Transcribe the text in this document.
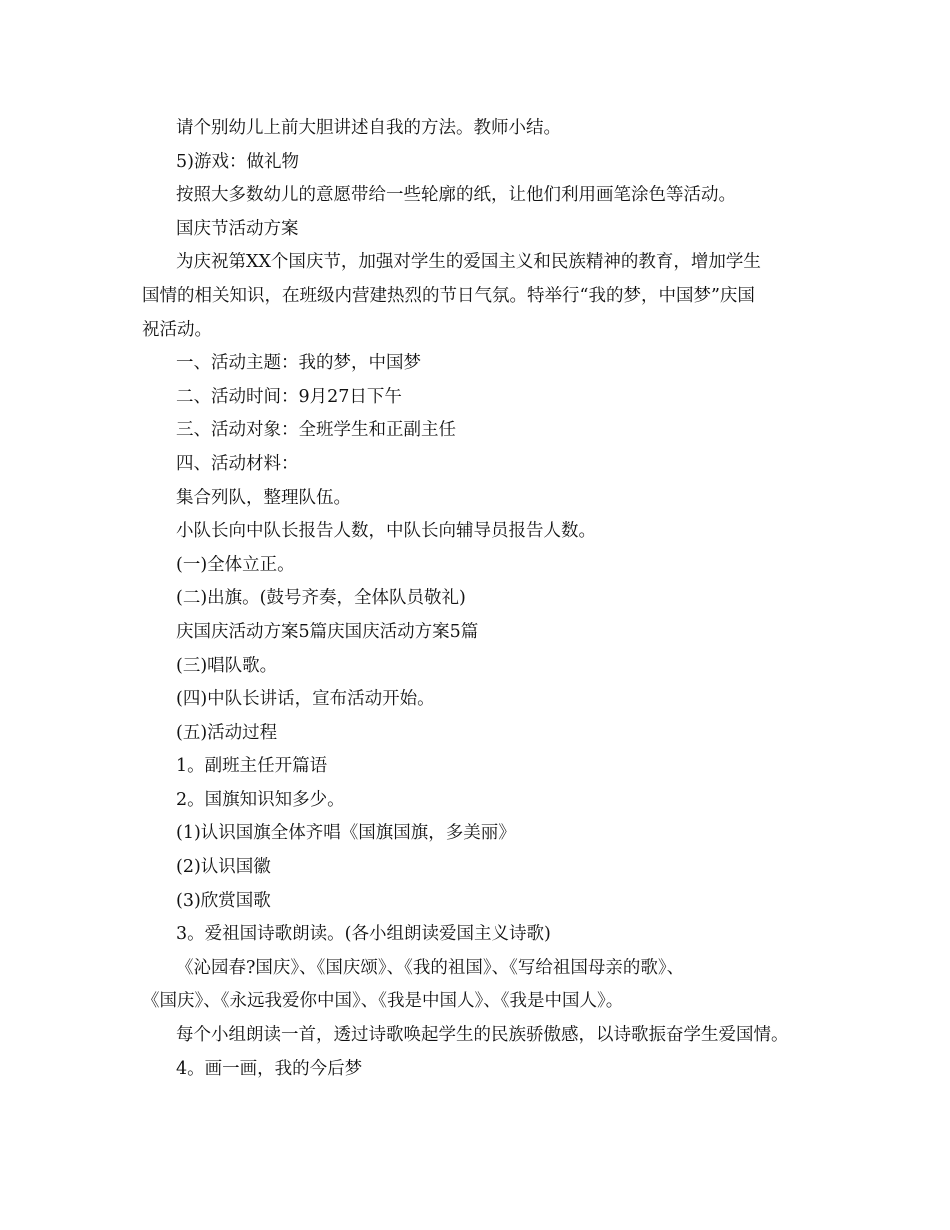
请个别幼儿上前大胆讲述自我的方法。教师小结。
5)游戏：做礼物
按照大多数幼儿的意愿带给一些轮廓的纸，让他们利用画笔涂色等活动。
国庆节活动方案
为庆祝第XX个国庆节，加强对学生的爱国主义和民族精神的教育，增加学生
国情的相关知识，在班级内营建热烈的节日气氛。特举行“我的梦，中国梦”庆国
祝活动。
一、活动主题：我的梦，中国梦
二、活动时间：9月27日下午
三、活动对象：全班学生和正副主任
四、活动材料：
集合列队，整理队伍。
小队长向中队长报告人数，中队长向辅导员报告人数。
(一)全体立正。
(二)出旗。(鼓号齐奏，全体队员敬礼)
庆国庆活动方案5篇庆国庆活动方案5篇
(三)唱队歌。
(四)中队长讲话，宣布活动开始。
(五)活动过程
1。副班主任开篇语
2。国旗知识知多少。
(1)认识国旗全体齐唱《国旗国旗，多美丽》
(2)认识国徽
(3)欣赏国歌
3。爱祖国诗歌朗读。(各小组朗读爱国主义诗歌)
《沁园春?国庆》、《国庆颂》、《我的祖国》、《写给祖国母亲的歌》、
《国庆》、《永远我爱你中国》、《我是中国人》、《我是中国人》。
每个小组朗读一首，透过诗歌唤起学生的民族骄傲感，以诗歌振奋学生爱国情。
4。画一画，我的今后梦
